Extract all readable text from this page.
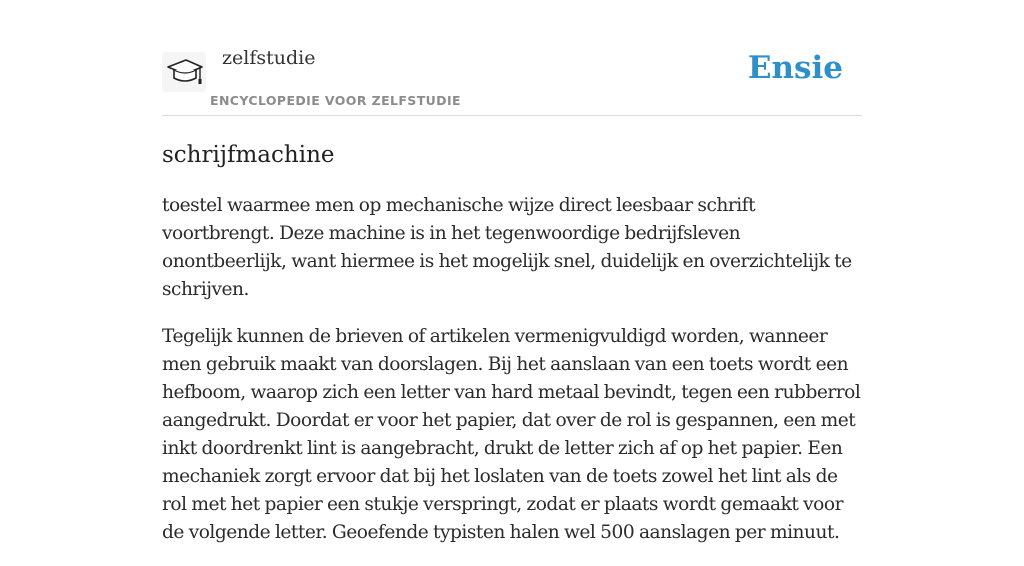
zelfstudie
ENCYCLOPEDIE VOOR ZELFSTUDIE
Ensie
schrijfmachine

toestel waarmee men op mechanische wijze direct leesbaar schrift voortbrengt. Deze machine is in het tegenwoordige bedrijfsleven onontbeerlijk, want hiermee is het mogelijk snel, duidelijk en overzichtelijk te schrijven.

Tegelijk kunnen de brieven of artikelen vermenigvuldigd worden, wanneer men gebruik maakt van doorslagen. Bij het aanslaan van een toets wordt een hefboom, waarop zich een letter van hard metaal bevindt, tegen een rubberrol aangedrukt. Doordat er voor het papier, dat over de rol is gespannen, een met inkt doordrenkt lint is aangebracht, drukt de letter zich af op het papier. Een mechaniek zorgt ervoor dat bij het loslaten van de toets zowel het lint als de rol met het papier een stukje verspringt, zodat er plaats wordt gemaakt voor de volgende letter. Geoefende typisten halen wel 500 aanslagen per minuut.
